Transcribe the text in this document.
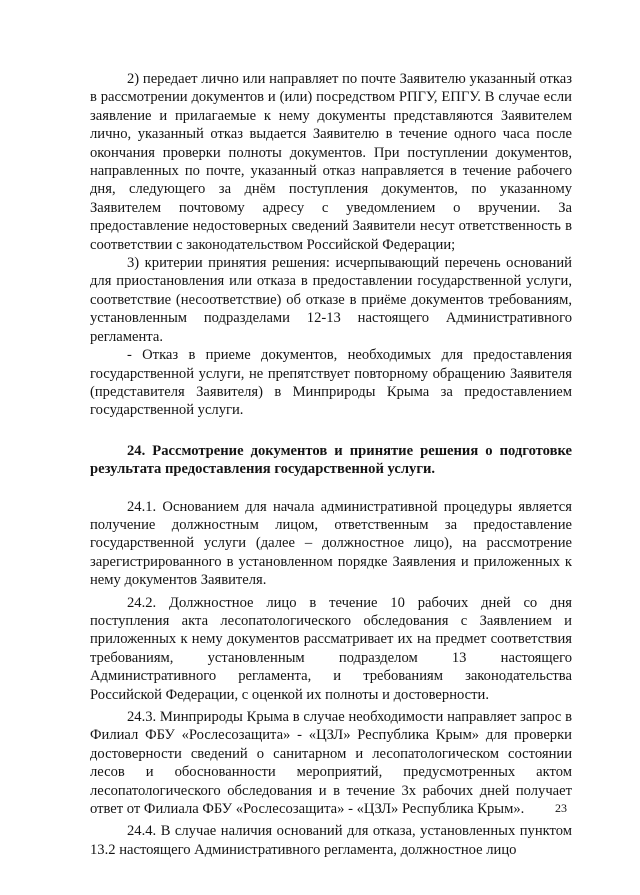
2) передает лично или направляет по почте Заявителю указанный отказ в рассмотрении документов и (или) посредством РПГУ, ЕПГУ. В случае если заявление и прилагаемые к нему документы представляются Заявителем лично, указанный отказ выдается Заявителю в течение одного часа после окончания проверки полноты документов. При поступлении документов, направленных по почте, указанный отказ направляется в течение рабочего дня, следующего за днём поступления документов, по указанному Заявителем почтовому адресу с уведомлением о вручении. За предоставление недостоверных сведений Заявители несут ответственность в соответствии с законодательством Российской Федерации;

3) критерии принятия решения: исчерпывающий перечень оснований для приостановления или отказа в предоставлении государственной услуги, соответствие (несоответствие) об отказе в приёме документов требованиям, установленным подразделами 12-13 настоящего Административного регламента.

- Отказ в приеме документов, необходимых для предоставления государственной услуги, не препятствует повторному обращению Заявителя (представителя Заявителя) в Минприроды Крыма за предоставлением государственной услуги.

24. Рассмотрение документов и принятие решения о подготовке результата предоставления государственной услуги.

24.1. Основанием для начала административной процедуры является получение должностным лицом, ответственным за предоставление государственной услуги (далее – должностное лицо), на рассмотрение зарегистрированного в установленном порядке Заявления и приложенных к нему документов Заявителя.

24.2. Должностное лицо в течение 10 рабочих дней со дня поступления акта лесопатологического обследования с Заявлением и приложенных к нему документов рассматривает их на предмет соответствия требованиям, установленным подразделом 13 настоящего Административного регламента, и требованиям законодательства Российской Федерации, с оценкой их полноты и достоверности.

24.3. Минприроды Крыма в случае необходимости направляет запрос в Филиал ФБУ «Рослесозащита» - «ЦЗЛ» Республика Крым» для проверки достоверности сведений о санитарном и лесопатологическом состоянии лесов и обоснованности мероприятий, предусмотренных актом лесопатологического обследования и в течение 3х рабочих дней получает ответ от Филиала ФБУ «Рослесозащита» - «ЦЗЛ» Республика Крым».

24.4. В случае наличия оснований для отказа, установленных пунктом 13.2 настоящего Административного регламента, должностное лицо

23
